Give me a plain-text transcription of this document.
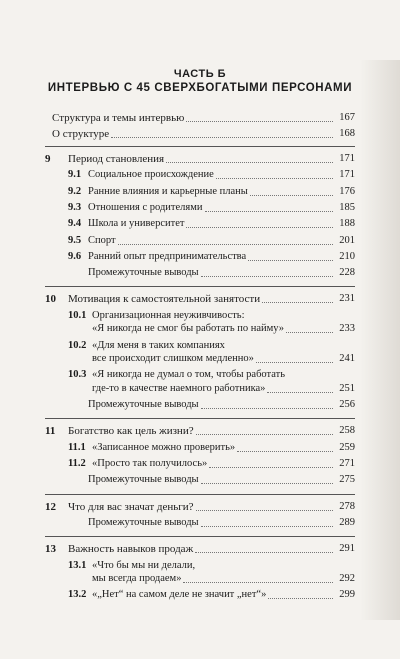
ЧАСТЬ Б
ИНТЕРВЬЮ С 45 СВЕРХБОГАТЫМИ ПЕРСОНАМИ
Структура и темы интервью	167
О структуре	168
9 Период становления	171
9.1 Социальное происхождение	171
9.2 Ранние влияния и карьерные планы	176
9.3 Отношения с родителями	185
9.4 Школа и университет	188
9.5 Спорт	201
9.6 Ранний опыт предпринимательства	210
Промежуточные выводы	228
10 Мотивация к самостоятельной занятости	231
10.1 Организационная неуживчивость:
«Я никогда не смог бы работать по найму»	233
10.2 «Для меня в таких компаниях
все происходит слишком медленно»	241
10.3 «Я никогда не думал о том, чтобы работать
где-то в качестве наемного работника»	251
Промежуточные выводы	256
11 Богатство как цель жизни?	258
11.1 «Записанное можно проверить»	259
11.2 «Просто так получилось»	271
Промежуточные выводы	275
12 Что для вас значат деньги?	278
Промежуточные выводы	289
13 Важность навыков продаж	291
13.1 «Что бы мы ни делали,
мы всегда продаем»	292
13.2 «„Нет“ на самом деле не значит „нет“»	299
